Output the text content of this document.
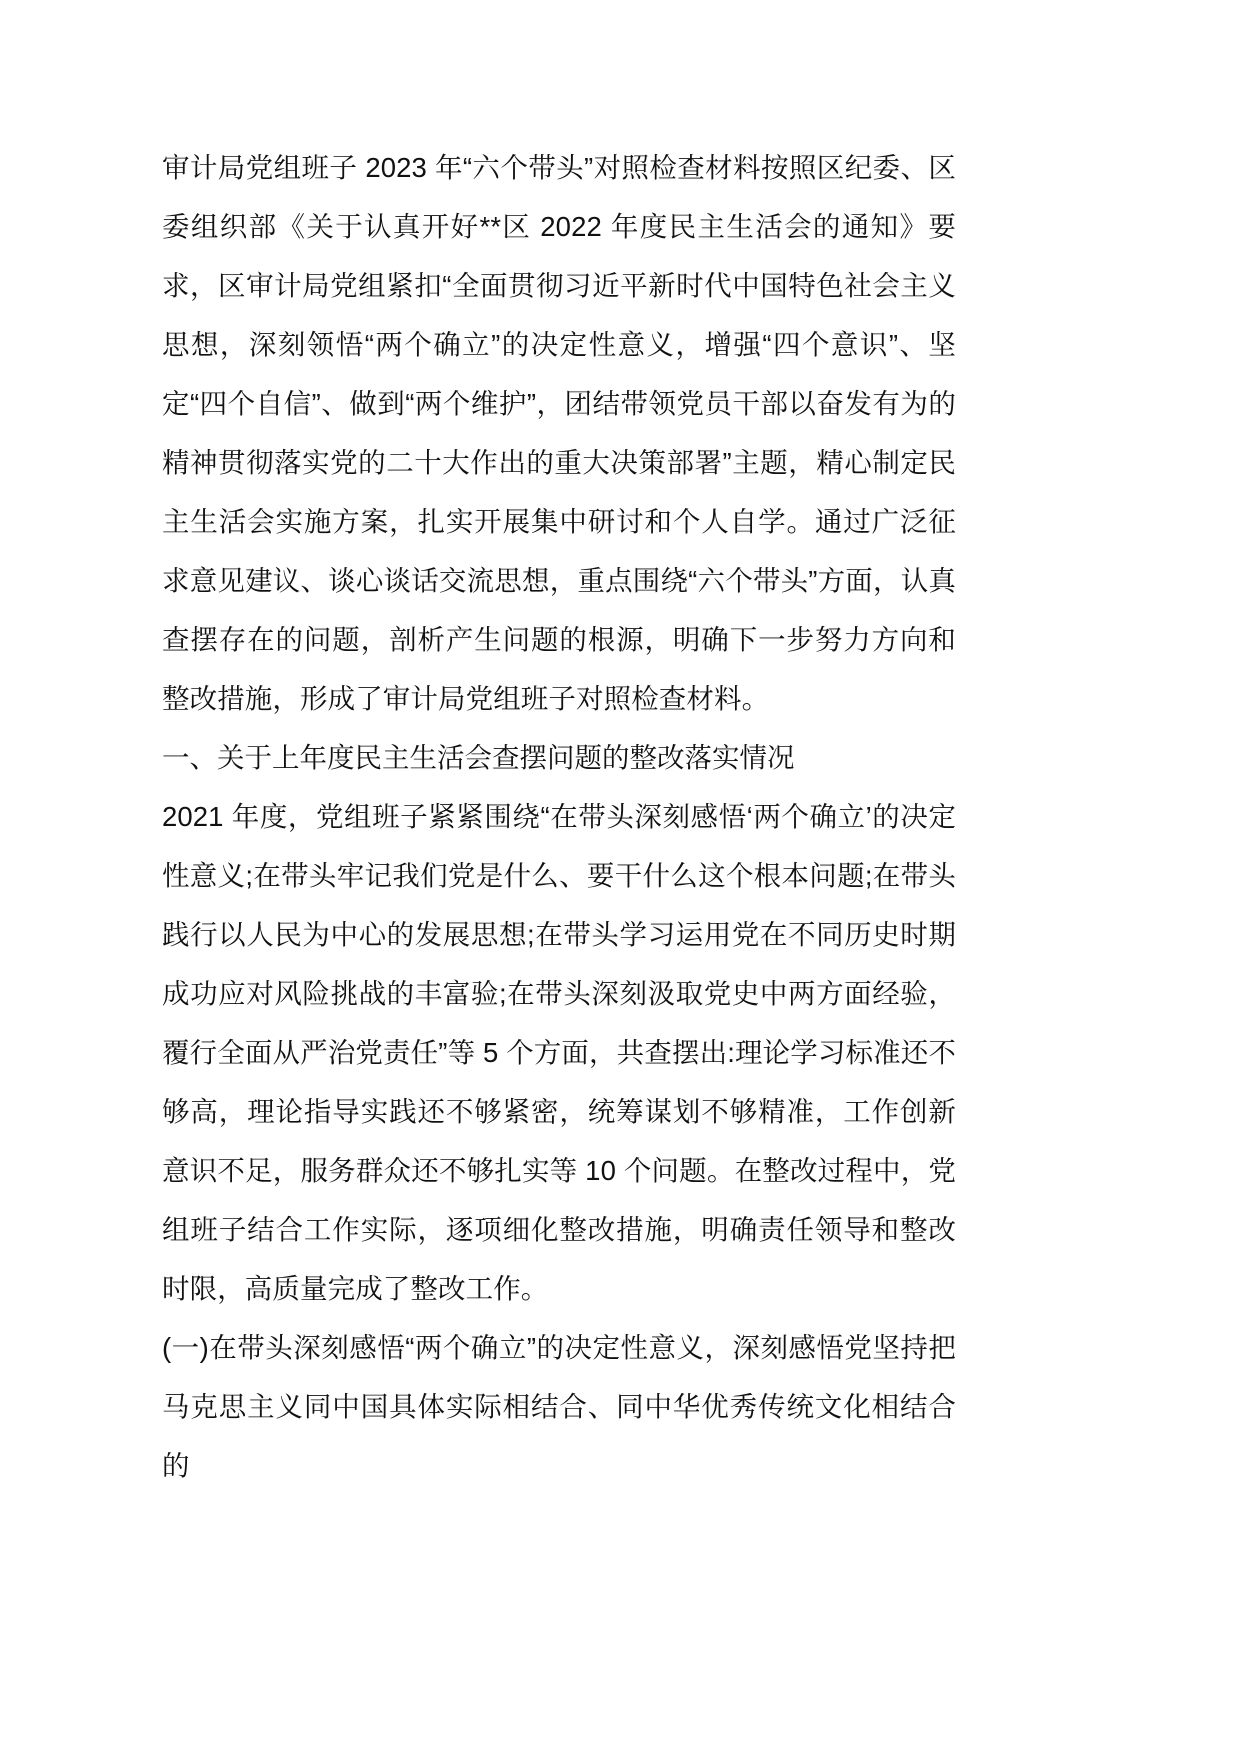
审计局党组班子 2023 年“六个带头”对照检查材料按照区纪委、区委组织部《关于认真开好**区 2022 年度民主生活会的通知》要求，区审计局党组紧扣“全面贯彻习近平新时代中国特色社会主义思想，深刻领悟“两个确立”的决定性意义，增强“四个意识”、坚定“四个自信”、做到“两个维护”，团结带领党员干部以奋发有为的精神贯彻落实党的二十大作出的重大决策部署”主题，精心制定民主生活会实施方案，扎实开展集中研讨和个人自学。通过广泛征求意见建议、谈心谈话交流思想，重点围绕“六个带头”方面，认真查摆存在的问题，剖析产生问题的根源，明确下一步努力方向和整改措施，形成了审计局党组班子对照检查材料。

一、关于上年度民主生活会查摆问题的整改落实情况

2021 年度，党组班子紧紧围绕“在带头深刻感悟‘两个确立’的决定性意义;在带头牢记我们党是什么、要干什么这个根本问题;在带头践行以人民为中心的发展思想;在带头学习运用党在不同历史时期成功应对风险挑战的丰富验;在带头深刻汲取党史中两方面经验，覆行全面从严治党责任”等 5 个方面，共查摆出:理论学习标准还不够高，理论指导实践还不够紧密，统筹谋划不够精准，工作创新意识不足，服务群众还不够扎实等 10 个问题。在整改过程中，党组班子结合工作实际，逐项细化整改措施，明确责任领导和整改时限，高质量完成了整改工作。

(一)在带头深刻感悟“两个确立”的决定性意义，深刻感悟党坚持把马克思主义同中国具体实际相结合、同中华优秀传统文化相结合的
